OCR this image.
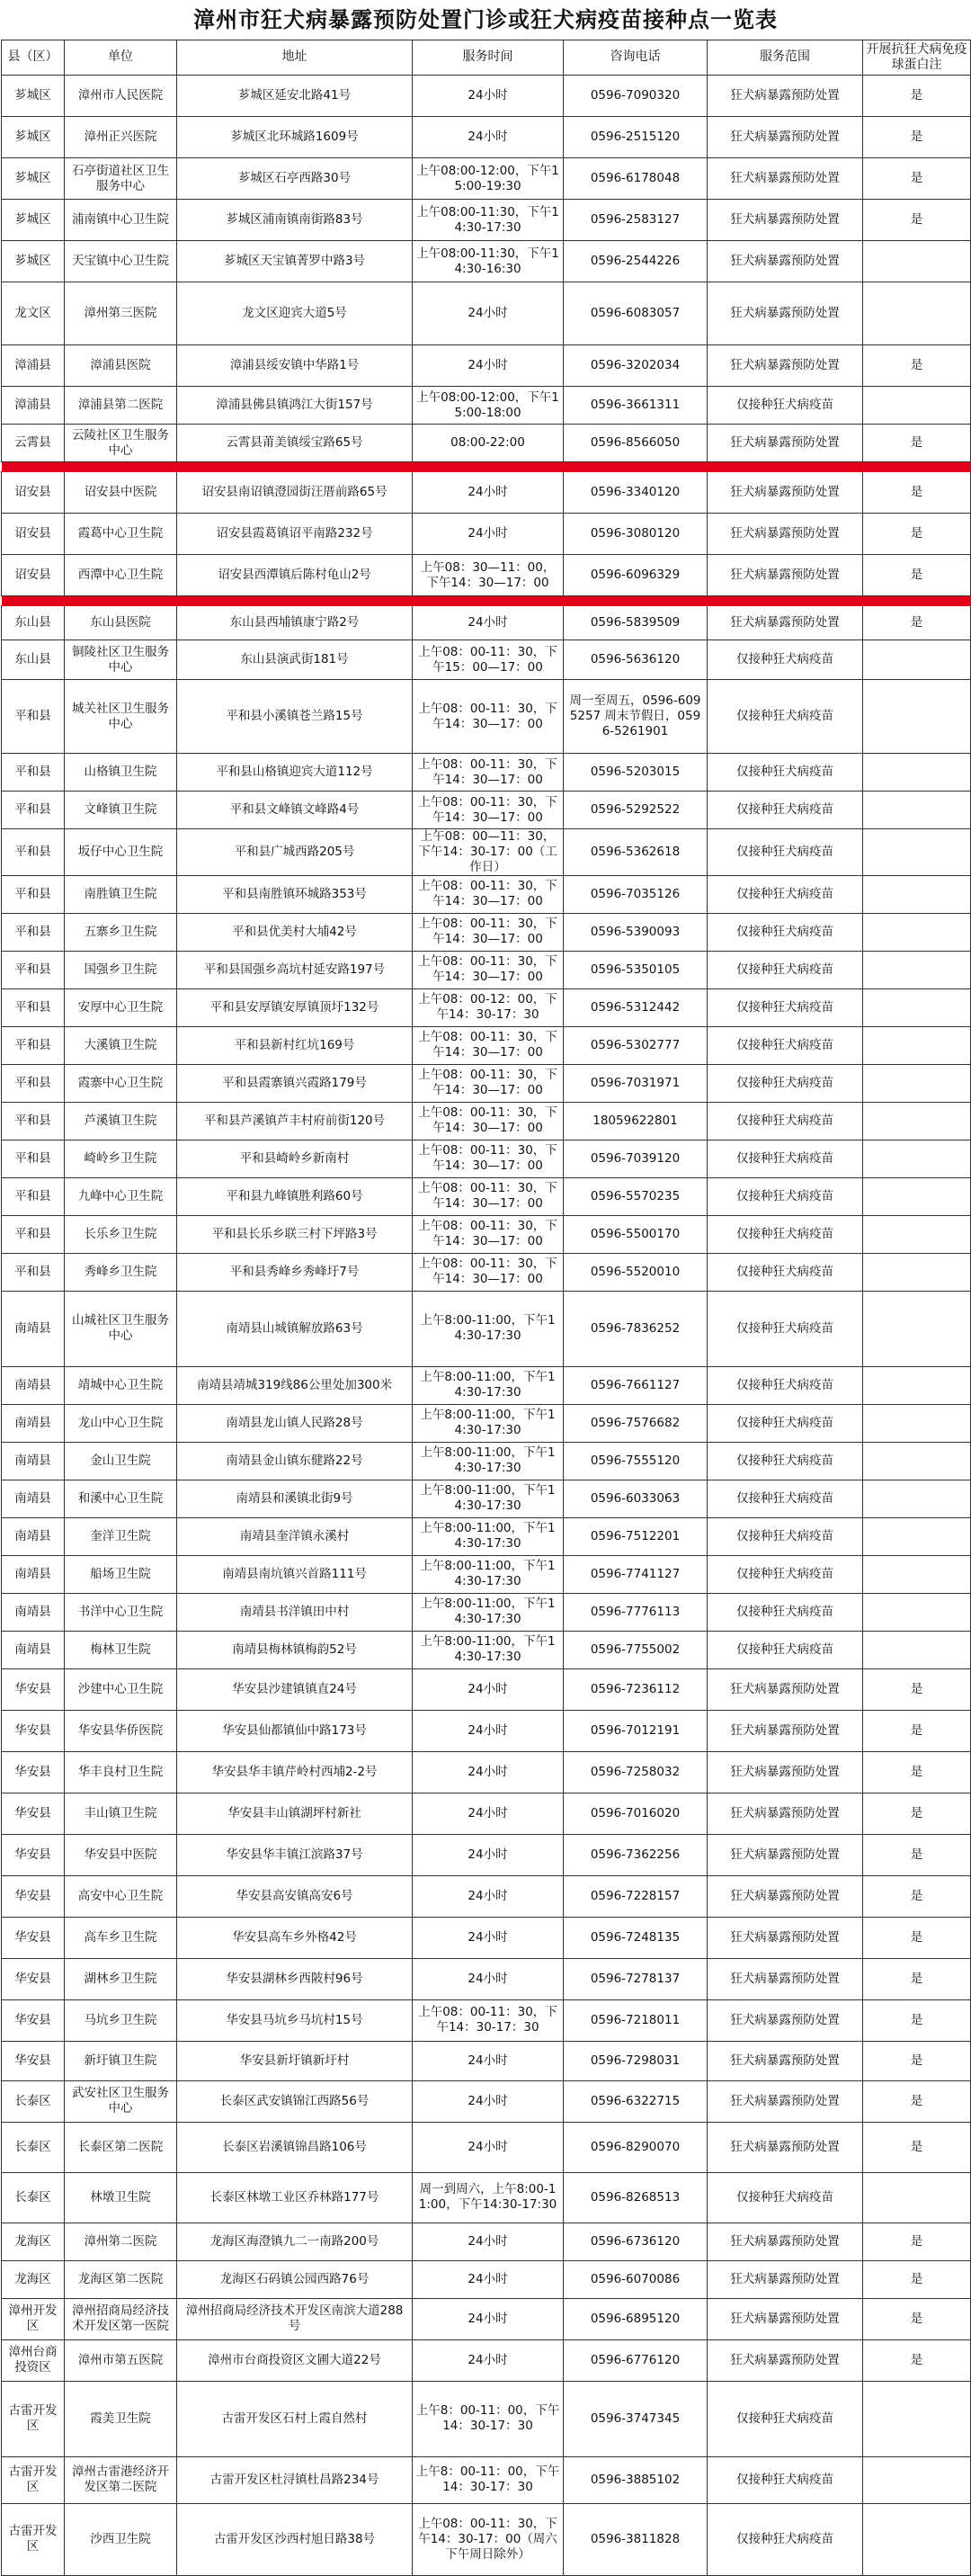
漳州市狂犬病暴露预防处置门诊或狂犬病疫苗接种点一览表
县（区）	单位	地址	服务时间	咨询电话	服务范围	开展抗狂犬病免疫球蛋白注
芗城区	漳州市人民医院	芗城区延安北路41号	24小时	0596-7090320	狂犬病暴露预防处置	是
芗城区	漳州正兴医院	芗城区北环城路1609号	24小时	0596-2515120	狂犬病暴露预防处置	是
芗城区	石亭街道社区卫生服务中心	芗城区石亭西路30号	上午08:00-12:00，下午15:00-19:30	0596-6178048	狂犬病暴露预防处置	是
芗城区	浦南镇中心卫生院	芗城区浦南镇南街路83号	上午08:00-11:30，下午14:30-17:30	0596-2583127	狂犬病暴露预防处置	是
芗城区	天宝镇中心卫生院	芗城区天宝镇菁罗中路3号	上午08:00-11:30，下午14:30-16:30	0596-2544226	狂犬病暴露预防处置	
龙文区	漳州第三医院	龙文区迎宾大道5号	24小时	0596-6083057	狂犬病暴露预防处置	
漳浦县	漳浦县医院	漳浦县绥安镇中华路1号	24小时	0596-3202034	狂犬病暴露预防处置	是
漳浦县	漳浦县第二医院	漳浦县佛县镇鸿江大街157号	上午08:00-12:00，下午15:00-18:00	0596-3661311	仅接种狂犬病疫苗	
云霄县	云陵社区卫生服务中心	云霄县莆美镇绥宝路65号	08:00-22:00	0596-8566050	狂犬病暴露预防处置	是

诏安县	诏安县中医院	诏安县南诏镇澄园街汪厝前路65号	24小时	0596-3340120	狂犬病暴露预防处置	是
诏安县	霞葛中心卫生院	诏安县霞葛镇诏平南路232号	24小时	0596-3080120	狂犬病暴露预防处置	是
诏安县	西潭中心卫生院	诏安县西潭镇后陈村龟山2号	上午08：30—11：00，下午14：30—17：00	0596-6096329	狂犬病暴露预防处置	是

东山县	东山县医院	东山县西埔镇康宁路2号	24小时	0596-5839509	狂犬病暴露预防处置	是
东山县	铜陵社区卫生服务中心	东山县演武街181号	上午08：00-11：30，下午15：00—17：00	0596-5636120	仅接种狂犬病疫苗	
平和县	城关社区卫生服务中心	平和县小溪镇苍兰路15号	上午08：00-11：30，下午14：30—17：00	周一至周五，0596-6095257 周末节假日，0596-5261901	仅接种狂犬病疫苗	
平和县	山格镇卫生院	平和县山格镇迎宾大道112号	上午08：00-11：30，下午14：30—17：00	0596-5203015	仅接种狂犬病疫苗	
平和县	文峰镇卫生院	平和县文峰镇文峰路4号	上午08：00-11：30，下午14：30—17：00	0596-5292522	仅接种狂犬病疫苗	
平和县	坂仔中心卫生院	平和县广城西路205号	上午08：00—11：30，下午14：30-17：00（工作日）	0596-5362618	仅接种狂犬病疫苗	
平和县	南胜镇卫生院	平和县南胜镇环城路353号	上午08：00-11：30，下午14：30—17：00	0596-7035126	仅接种狂犬病疫苗	
平和县	五寨乡卫生院	平和县优美村大埔42号	上午08：00-11：30，下午14：30—17：00	0596-5390093	仅接种狂犬病疫苗	
平和县	国强乡卫生院	平和县国强乡高坑村延安路197号	上午08：00-11：30，下午14：30—17：00	0596-5350105	仅接种狂犬病疫苗	
平和县	安厚中心卫生院	平和县安厚镇安厚镇顶圩132号	上午08：00-12：00，下午14：30-17：30	0596-5312442	仅接种狂犬病疫苗	
平和县	大溪镇卫生院	平和县新村红坑169号	上午08：00-11：30，下午14：30—17：00	0596-5302777	仅接种狂犬病疫苗	
平和县	霞寨中心卫生院	平和县霞寨镇兴霞路179号	上午08：00-11：30，下午14：30—17：00	0596-7031971	仅接种狂犬病疫苗	
平和县	芦溪镇卫生院	平和县芦溪镇芦丰村府前街120号	上午08：00-11：30，下午14：30—17：00	18059622801	仅接种狂犬病疫苗	
平和县	崎岭乡卫生院	平和县崎岭乡新南村	上午08：00-11：30，下午14：30—17：00	0596-7039120	仅接种狂犬病疫苗	
平和县	九峰中心卫生院	平和县九峰镇胜利路60号	上午08：00-11：30，下午14：30—17：00	0596-5570235	仅接种狂犬病疫苗	
平和县	长乐乡卫生院	平和县长乐乡联三村下坪路3号	上午08：00-11：30，下午14：30—17：00	0596-5500170	仅接种狂犬病疫苗	
平和县	秀峰乡卫生院	平和县秀峰乡秀峰圩7号	上午08：00-11：30，下午14：30—17：00	0596-5520010	仅接种狂犬病疫苗	
南靖县	山城社区卫生服务中心	南靖县山城镇解放路63号	上午8:00-11:00，下午14:30-17:30	0596-7836252	仅接种狂犬病疫苗	
南靖县	靖城中心卫生院	南靖县靖城319线86公里处加300米	上午8:00-11:00，下午14:30-17:30	0596-7661127	仅接种狂犬病疫苗	
南靖县	龙山中心卫生院	南靖县龙山镇人民路28号	上午8:00-11:00，下午14:30-17:30	0596-7576682	仅接种狂犬病疫苗	
南靖县	金山卫生院	南靖县金山镇东健路22号	上午8:00-11:00，下午14:30-17:30	0596-7555120	仅接种狂犬病疫苗	
南靖县	和溪中心卫生院	南靖县和溪镇北街9号	上午8:00-11:00，下午14:30-17:30	0596-6033063	仅接种狂犬病疫苗	
南靖县	奎洋卫生院	南靖县奎洋镇永溪村	上午8:00-11:00，下午14:30-17:30	0596-7512201	仅接种狂犬病疫苗	
南靖县	船场卫生院	南靖县南坑镇兴首路111号	上午8:00-11:00，下午14:30-17:30	0596-7741127	仅接种狂犬病疫苗	
南靖县	书洋中心卫生院	南靖县书洋镇田中村	上午8:00-11:00，下午14:30-17:30	0596-7776113	仅接种狂犬病疫苗	
南靖县	梅林卫生院	南靖县梅林镇梅韵52号	上午8:00-11:00，下午14:30-17:30	0596-7755002	仅接种狂犬病疫苗	
华安县	沙建中心卫生院	华安县沙建镇镇直24号	24小时	0596-7236112	狂犬病暴露预防处置	是
华安县	华安县华侨医院	华安县仙都镇仙中路173号	24小时	0596-7012191	狂犬病暴露预防处置	是
华安县	华丰良村卫生院	华安县华丰镇芹岭村西埔2-2号	24小时	0596-7258032	狂犬病暴露预防处置	是
华安县	丰山镇卫生院	华安县丰山镇湖坪村新社	24小时	0596-7016020	狂犬病暴露预防处置	是
华安县	华安县中医院	华安县华丰镇江滨路37号	24小时	0596-7362256	狂犬病暴露预防处置	是
华安县	高安中心卫生院	华安县高安镇高安6号	24小时	0596-7228157	狂犬病暴露预防处置	是
华安县	高车乡卫生院	华安县高车乡外格42号	24小时	0596-7248135	狂犬病暴露预防处置	是
华安县	湖林乡卫生院	华安县湖林乡西陂村96号	24小时	0596-7278137	狂犬病暴露预防处置	是
华安县	马坑乡卫生院	华安县马坑乡马坑村15号	上午08：00-11：30，下午14：30-17：30	0596-7218011	狂犬病暴露预防处置	是
华安县	新圩镇卫生院	华安县新圩镇新圩村	24小时	0596-7298031	狂犬病暴露预防处置	是
长泰区	武安社区卫生服务中心	长泰区武安镇锦江西路56号	24小时	0596-6322715	狂犬病暴露预防处置	是
长泰区	长泰区第二医院	长泰区岩溪镇锦昌路106号	24小时	0596-8290070	狂犬病暴露预防处置	是
长泰区	林墩卫生院	长泰区林墩工业区乔林路177号	周一到周六，上午8:00-11:00，下午14:30-17:30	0596-8268513	仅接种狂犬病疫苗	
龙海区	漳州第二医院	龙海区海澄镇九二一南路200号	24小时	0596-6736120	狂犬病暴露预防处置	是
龙海区	龙海区第二医院	龙海区石码镇公园西路76号	24小时	0596-6070086	狂犬病暴露预防处置	是
漳州开发区	漳州招商局经济技术开发区第一医院	漳州招商局经济技术开发区南滨大道288号	24小时	0596-6895120	狂犬病暴露预防处置	是
漳州台商投资区	漳州市第五医院	漳州市台商投资区文圃大道22号	24小时	0596-6776120	狂犬病暴露预防处置	是
古雷开发区	霞美卫生院	古雷开发区石村上霞自然村	上午8：00-11：00，下午14：30-17：30	0596-3747345	仅接种狂犬病疫苗	
古雷开发区	漳州古雷港经济开发区第二医院	古雷开发区杜浔镇杜昌路234号	上午8：00-11：00，下午14：30-17：30	0596-3885102	仅接种狂犬病疫苗	
古雷开发区	沙西卫生院	古雷开发区沙西村旭日路38号	上午08：00-11：30，下午14：30-17：00（周六下午周日除外）	0596-3811828	仅接种狂犬病疫苗	
